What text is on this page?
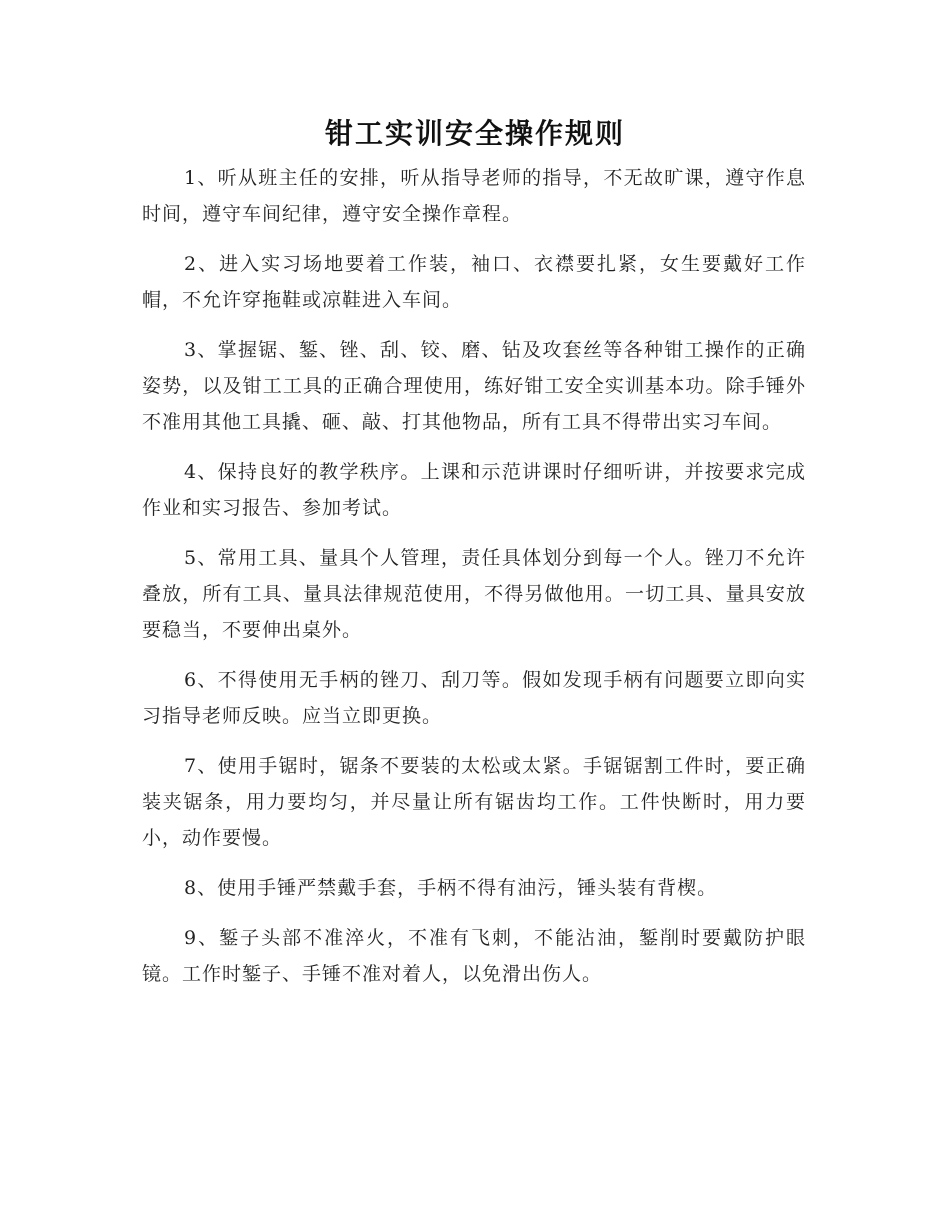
钳工实训安全操作规则

1、听从班主任的安排，听从指导老师的指导，不无故旷课，遵守作息时间，遵守车间纪律，遵守安全操作章程。

2、进入实习场地要着工作装，袖口、衣襟要扎紧，女生要戴好工作帽，不允许穿拖鞋或凉鞋进入车间。

3、掌握锯、錾、锉、刮、铰、磨、钻及攻套丝等各种钳工操作的正确姿势，以及钳工工具的正确合理使用，练好钳工安全实训基本功。除手锤外不准用其他工具撬、砸、敲、打其他物品，所有工具不得带出实习车间。

4、保持良好的教学秩序。上课和示范讲课时仔细听讲，并按要求完成作业和实习报告、参加考试。

5、常用工具、量具个人管理，责任具体划分到每一个人。锉刀不允许叠放，所有工具、量具法律规范使用，不得另做他用。一切工具、量具安放要稳当，不要伸出桌外。

6、不得使用无手柄的锉刀、刮刀等。假如发现手柄有问题要立即向实习指导老师反映。应当立即更换。

7、使用手锯时，锯条不要装的太松或太紧。手锯锯割工件时，要正确装夹锯条，用力要均匀，并尽量让所有锯齿均工作。工件快断时，用力要小，动作要慢。

8、使用手锤严禁戴手套，手柄不得有油污，锤头装有背楔。

9、錾子头部不准淬火，不准有飞刺，不能沾油，錾削时要戴防护眼镜。工作时錾子、手锤不准对着人，以免滑出伤人。
